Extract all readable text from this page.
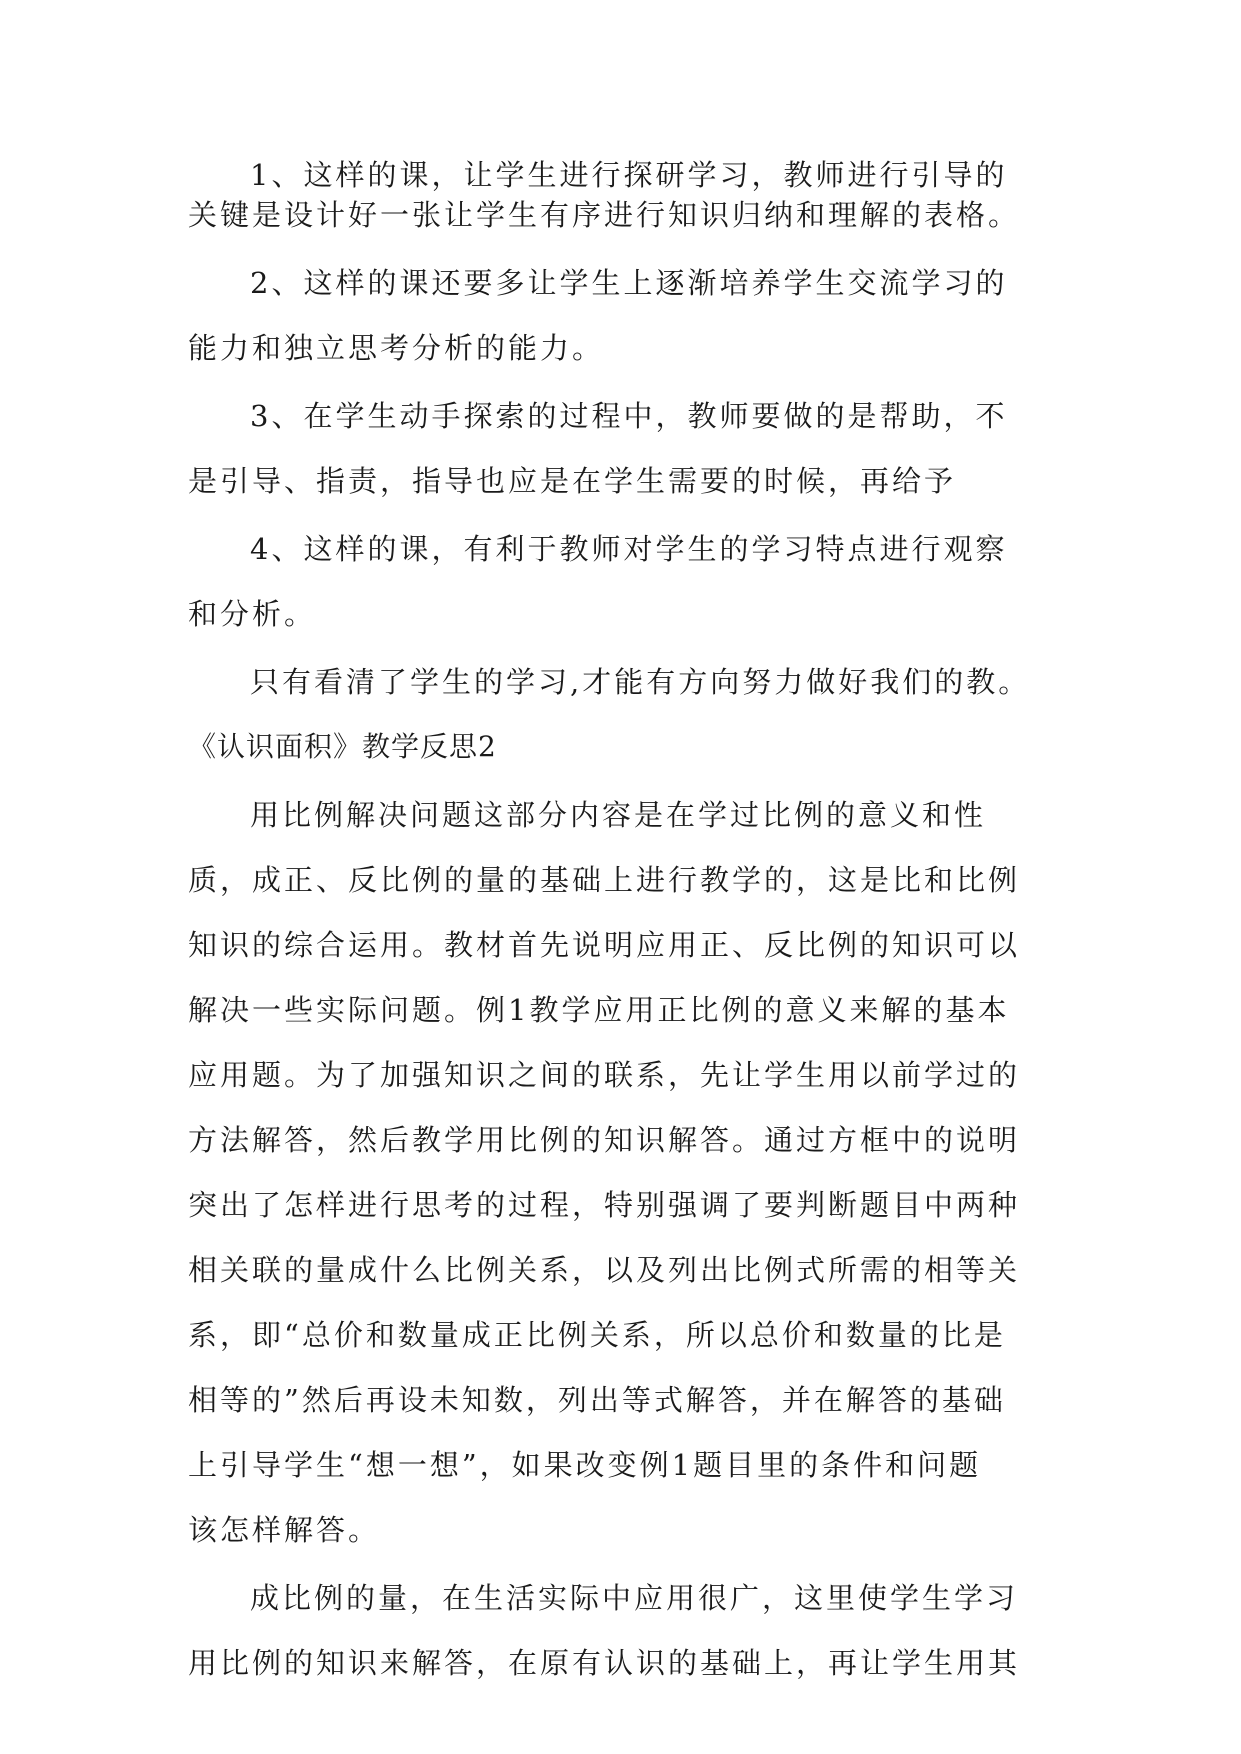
1、这样的课，让学生进行探研学习，教师进行引导的
关键是设计好一张让学生有序进行知识归纳和理解的表格。
2、这样的课还要多让学生上逐渐培养学生交流学习的
能力和独立思考分析的能力。
3、在学生动手探索的过程中，教师要做的是帮助，不
是引导、指责，指导也应是在学生需要的时候，再给予
4、这样的课，有利于教师对学生的学习特点进行观察
和分析。
只有看清了学生的学习,才能有方向努力做好我们的教。
《认识面积》教学反思2
用比例解决问题这部分内容是在学过比例的意义和性
质，成正、反比例的量的基础上进行教学的，这是比和比例
知识的综合运用。教材首先说明应用正、反比例的知识可以
解决一些实际问题。例1教学应用正比例的意义来解的基本
应用题。为了加强知识之间的联系，先让学生用以前学过的
方法解答，然后教学用比例的知识解答。通过方框中的说明
突出了怎样进行思考的过程，特别强调了要判断题目中两种
相关联的量成什么比例关系，以及列出比例式所需的相等关
系，即“总价和数量成正比例关系，所以总价和数量的比是
相等的”然后再设未知数，列出等式解答，并在解答的基础
上引导学生“想一想”，如果改变例1题目里的条件和问题
该怎样解答。
成比例的量，在生活实际中应用很广，这里使学生学习
用比例的知识来解答，在原有认识的基础上，再让学生用其
